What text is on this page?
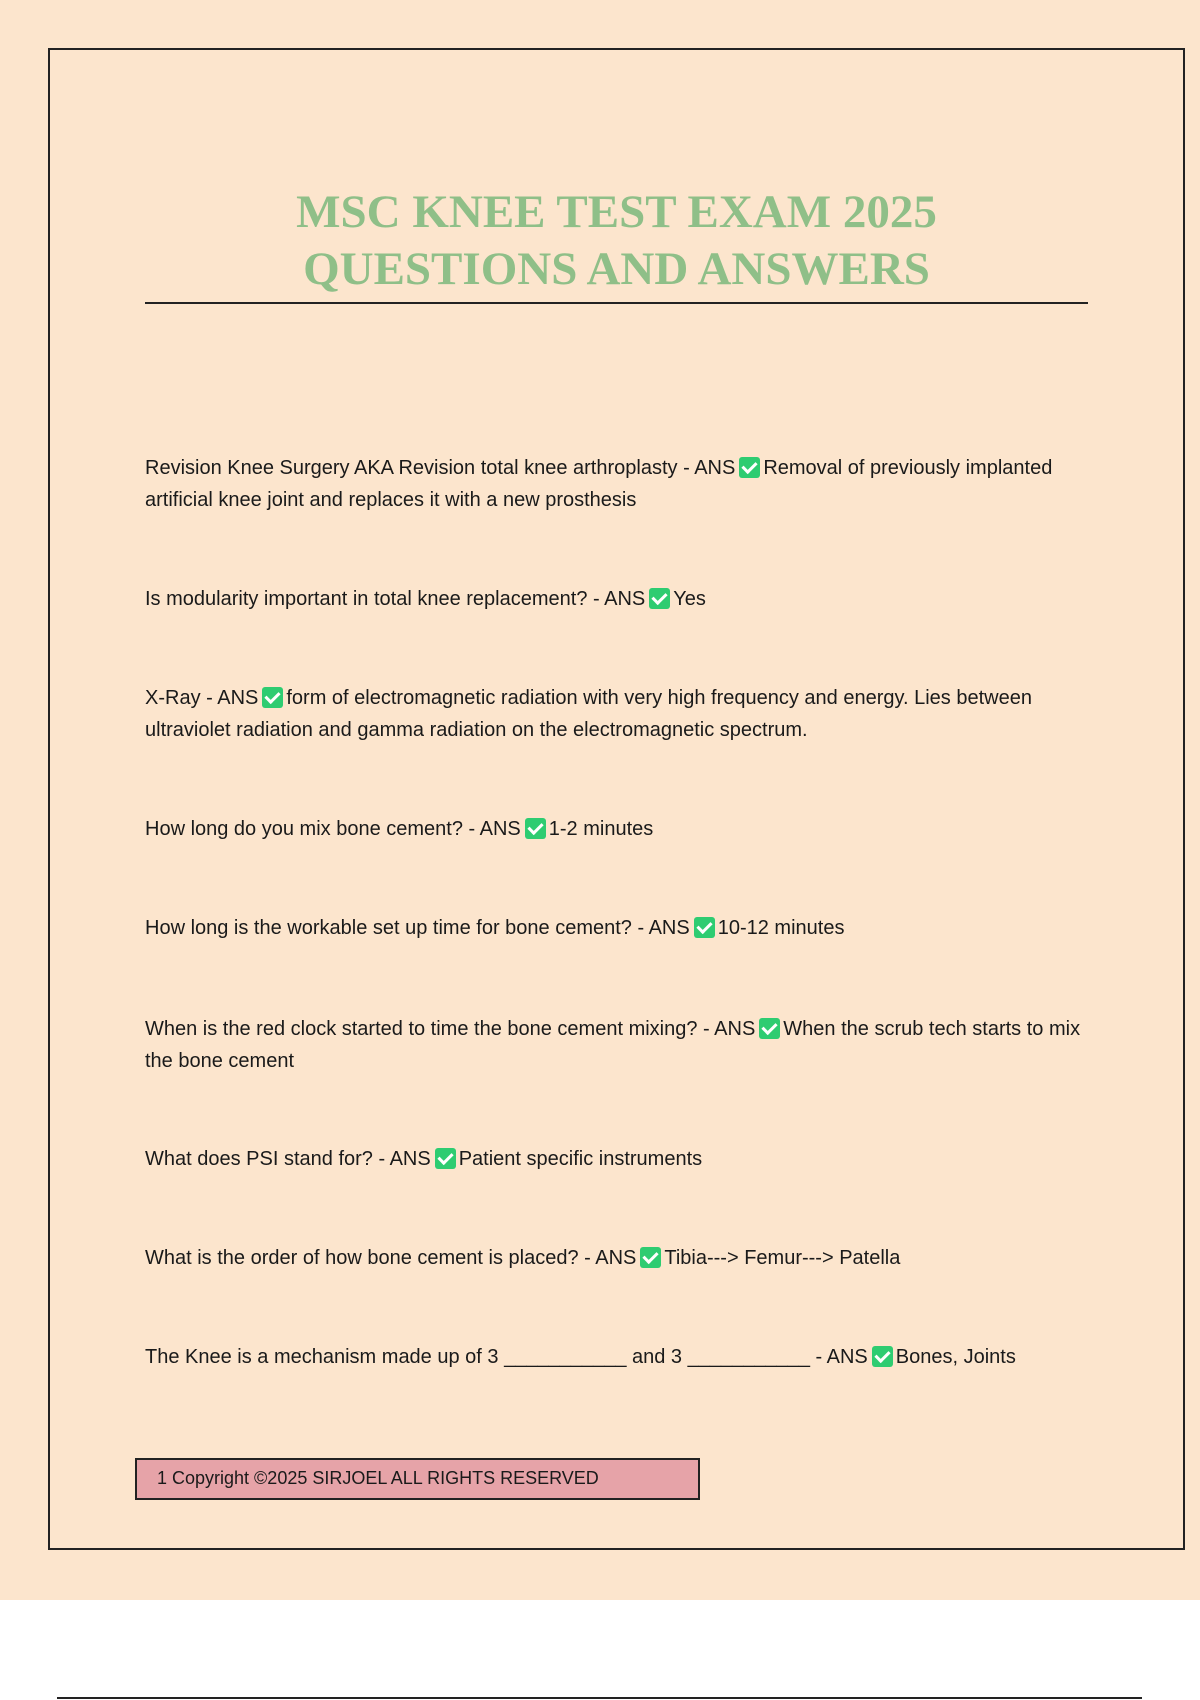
MSC KNEE TEST EXAM 2025
QUESTIONS AND ANSWERS

Revision Knee Surgery AKA Revision total knee arthroplasty - ANS Removal of previously implanted artificial knee joint and replaces it with a new prosthesis

Is modularity important in total knee replacement? - ANS Yes

X-Ray - ANS form of electromagnetic radiation with very high frequency and energy. Lies between ultraviolet radiation and gamma radiation on the electromagnetic spectrum.

How long do you mix bone cement? - ANS 1-2 minutes

How long is the workable set up time for bone cement? - ANS 10-12 minutes

When is the red clock started to time the bone cement mixing? - ANS When the scrub tech starts to mix the bone cement

What does PSI stand for? - ANS Patient specific instruments

What is the order of how bone cement is placed? - ANS Tibia---> Femur---> Patella

The Knee is a mechanism made up of 3 ___________ and 3 ___________ - ANS Bones, Joints

1 Copyright ©2025 SIRJOEL ALL RIGHTS RESERVED
